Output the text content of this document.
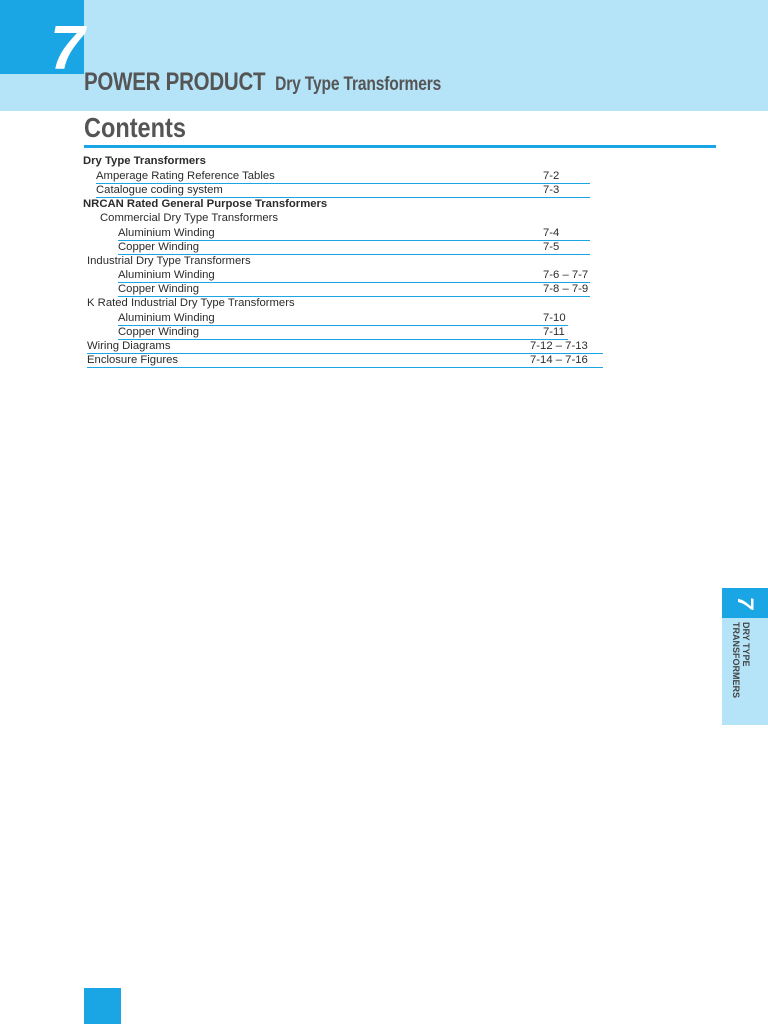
7 POWER PRODUCT Dry Type Transformers
Contents
Dry Type Transformers
Amperage Rating Reference Tables	7-2
Catalogue coding system	7-3
NRCAN Rated General Purpose Transformers
Commercial Dry Type Transformers
Aluminium Winding	7-4
Copper Winding	7-5
Industrial Dry Type Transformers
Aluminium Winding	7-6 – 7-7
Copper Winding	7-8 – 7-9
K Rated Industrial Dry Type Transformers
Aluminium Winding	7-10
Copper Winding	7-11
Wiring Diagrams	7-12 – 7-13
Enclosure Figures	7-14 – 7-16
7
DRY TYPE
TRANSFORMERS
